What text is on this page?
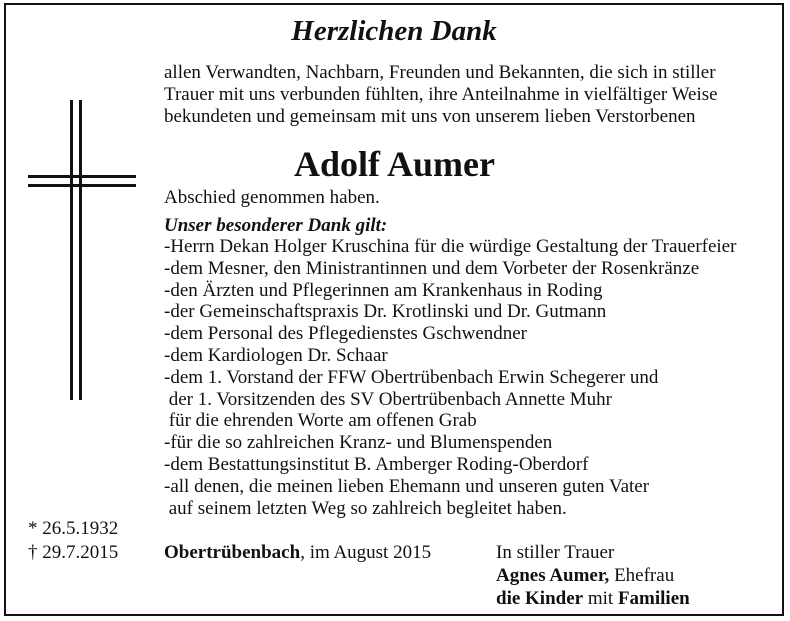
Herzlichen Dank
allen Verwandten, Nachbarn, Freunden und Bekannten, die sich in stiller
Trauer mit uns verbunden fühlten, ihre Anteilnahme in vielfältiger Weise
bekundeten und gemeinsam mit uns von unserem lieben Verstorbenen
Adolf Aumer
Abschied genommen haben.
Unser besonderer Dank gilt:
-Herrn Dekan Holger Kruschina für die würdige Gestaltung der Trauerfeier
-dem Mesner, den Ministrantinnen und dem Vorbeter der Rosenkränze
-den Ärzten und Pflegerinnen am Krankenhaus in Roding
-der Gemeinschaftspraxis Dr. Krotlinski und Dr. Gutmann
-dem Personal des Pflegedienstes Gschwendner
-dem Kardiologen Dr. Schaar
-dem 1. Vorstand der FFW Obertrübenbach Erwin Schegerer und
der 1. Vorsitzenden des SV Obertrübenbach Annette Muhr
für die ehrenden Worte am offenen Grab
-für die so zahlreichen Kranz- und Blumenspenden
-dem Bestattungsinstitut B. Amberger Roding-Oberdorf
-all denen, die meinen lieben Ehemann und unseren guten Vater
auf seinem letzten Weg so zahlreich begleitet haben.
* 26.5.1932
† 29.7.2015 Obertrübenbach, im August 2015	In stiller Trauer
Agnes Aumer, Ehefrau
die Kinder mit Familien
